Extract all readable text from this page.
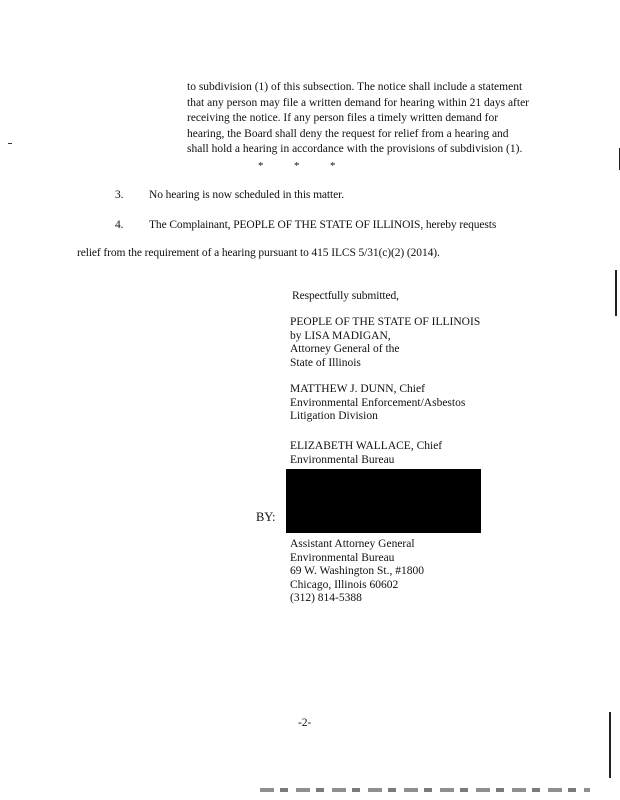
to subdivision (1) of this subsection. The notice shall include a statement
that any person may file a written demand for hearing within 21 days after
receiving the notice. If any person files a timely written demand for
hearing, the Board shall deny the request for relief from a hearing and
shall hold a hearing in accordance with the provisions of subdivision (1).
*	*	*
3. No hearing is now scheduled in this matter.
4. The Complainant, PEOPLE OF THE STATE OF ILLINOIS, hereby requests
relief from the requirement of a hearing pursuant to 415 ILCS 5/31(c)(2) (2014).
Respectfully submitted,
PEOPLE OF THE STATE OF ILLINOIS
by LISA MADIGAN,
Attorney General of the
State of Illinois
MATTHEW J. DUNN, Chief
Environmental Enforcement/Asbestos
Litigation Division
ELIZABETH WALLACE, Chief
Environmental Bureau
BY:
Assistant Attorney General
Environmental Bureau
69 W. Washington St., #1800
Chicago, Illinois 60602
(312) 814-5388
-2-
